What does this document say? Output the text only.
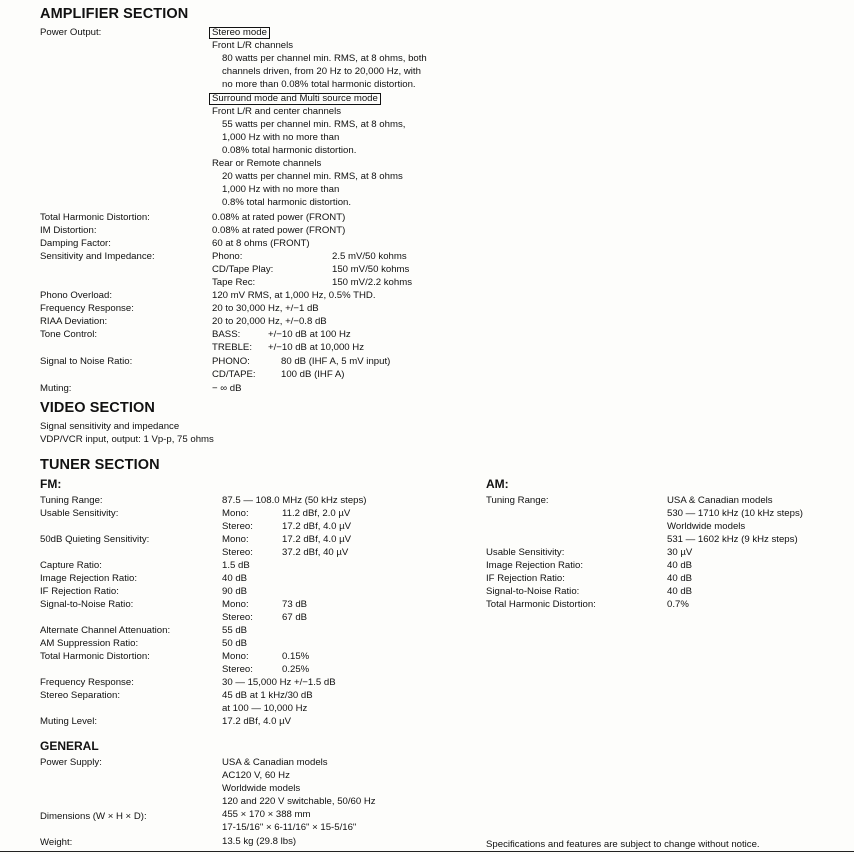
AMPLIFIER SECTION
Power Output:	Stereo mode
Front L/R channels
80 watts per channel min. RMS, at 8 ohms, both
channels driven, from 20 Hz to 20,000 Hz, with
no more than 0.08% total harmonic distortion.
Surround mode and Multi source mode
Front L/R and center channels
55 watts per channel min. RMS, at 8 ohms,
1,000 Hz with no more than
0.08% total harmonic distortion.
Rear or Remote channels
20 watts per channel min. RMS, at 8 ohms
1,000 Hz with no more than
0.8% total harmonic distortion.
Total Harmonic Distortion:	0.08% at rated power (FRONT)
IM Distortion:	0.08% at rated power (FRONT)
Damping Factor:	60 at 8 ohms (FRONT)
Sensitivity and Impedance:	Phono:	2.5 mV/50 kohms
CD/Tape Play:	150 mV/50 kohms
Tape Rec:	150 mV/2.2 kohms
Phono Overload:	120 mV RMS, at 1,000 Hz, 0.5% THD.
Frequency Response:	20 to 30,000 Hz, +/−1 dB
RIAA Deviation:	20 to 20,000 Hz, +/−0.8 dB
Tone Control:	BASS:	+/−10 dB at 100 Hz
TREBLE: +/−10 dB at 10,000 Hz
Signal to Noise Ratio:	PHONO:	80 dB (IHF A, 5 mV input)
CD/TAPE:	100 dB (IHF A)
Muting:	− ∞ dB
VIDEO SECTION
Signal sensitivity and impedance
VDP/VCR input, output: 1 Vp-p, 75 ohms
TUNER SECTION
FM:
Tuning Range:	87.5 — 108.0 MHz (50 kHz steps)
Usable Sensitivity:	Mono:	11.2 dBf, 2.0 µV
Stereo:	17.2 dBf, 4.0 µV
50dB Quieting Sensitivity:	Mono:	17.2 dBf, 4.0 µV
Stereo:	37.2 dBf, 40 µV
Capture Ratio:	1.5 dB
Image Rejection Ratio:	40 dB
IF Rejection Ratio:	90 dB
Signal-to-Noise Ratio:	Mono:	73 dB
Stereo:	67 dB
Alternate Channel Attenuation:	55 dB
AM Suppression Ratio:	50 dB
Total Harmonic Distortion:	Mono:	0.15%
Stereo:	0.25%
Frequency Response:	30 — 15,000 Hz +/−1.5 dB
Stereo Separation:	45 dB at 1 kHz/30 dB
at 100 — 10,000 Hz
Muting Level:	17.2 dBf, 4.0 µV
AM:
Tuning Range:	USA & Canadian models
530 — 1710 kHz (10 kHz steps)
Worldwide models
531 — 1602 kHz (9 kHz steps)
Usable Sensitivity:	30 µV
Image Rejection Ratio:	40 dB
IF Rejection Ratio:	40 dB
Signal-to-Noise Ratio:	40 dB
Total Harmonic Distortion:	0.7%
GENERAL
Power Supply:	USA & Canadian models
AC120 V, 60 Hz
Worldwide models
120 and 220 V switchable, 50/60 Hz
Dimensions (W × H × D):	455 × 170 × 388 mm
17-15/16" × 6-11/16" × 15-5/16"
Weight:	13.5 kg (29.8 lbs)	Specifications and features are subject to change without notice.
